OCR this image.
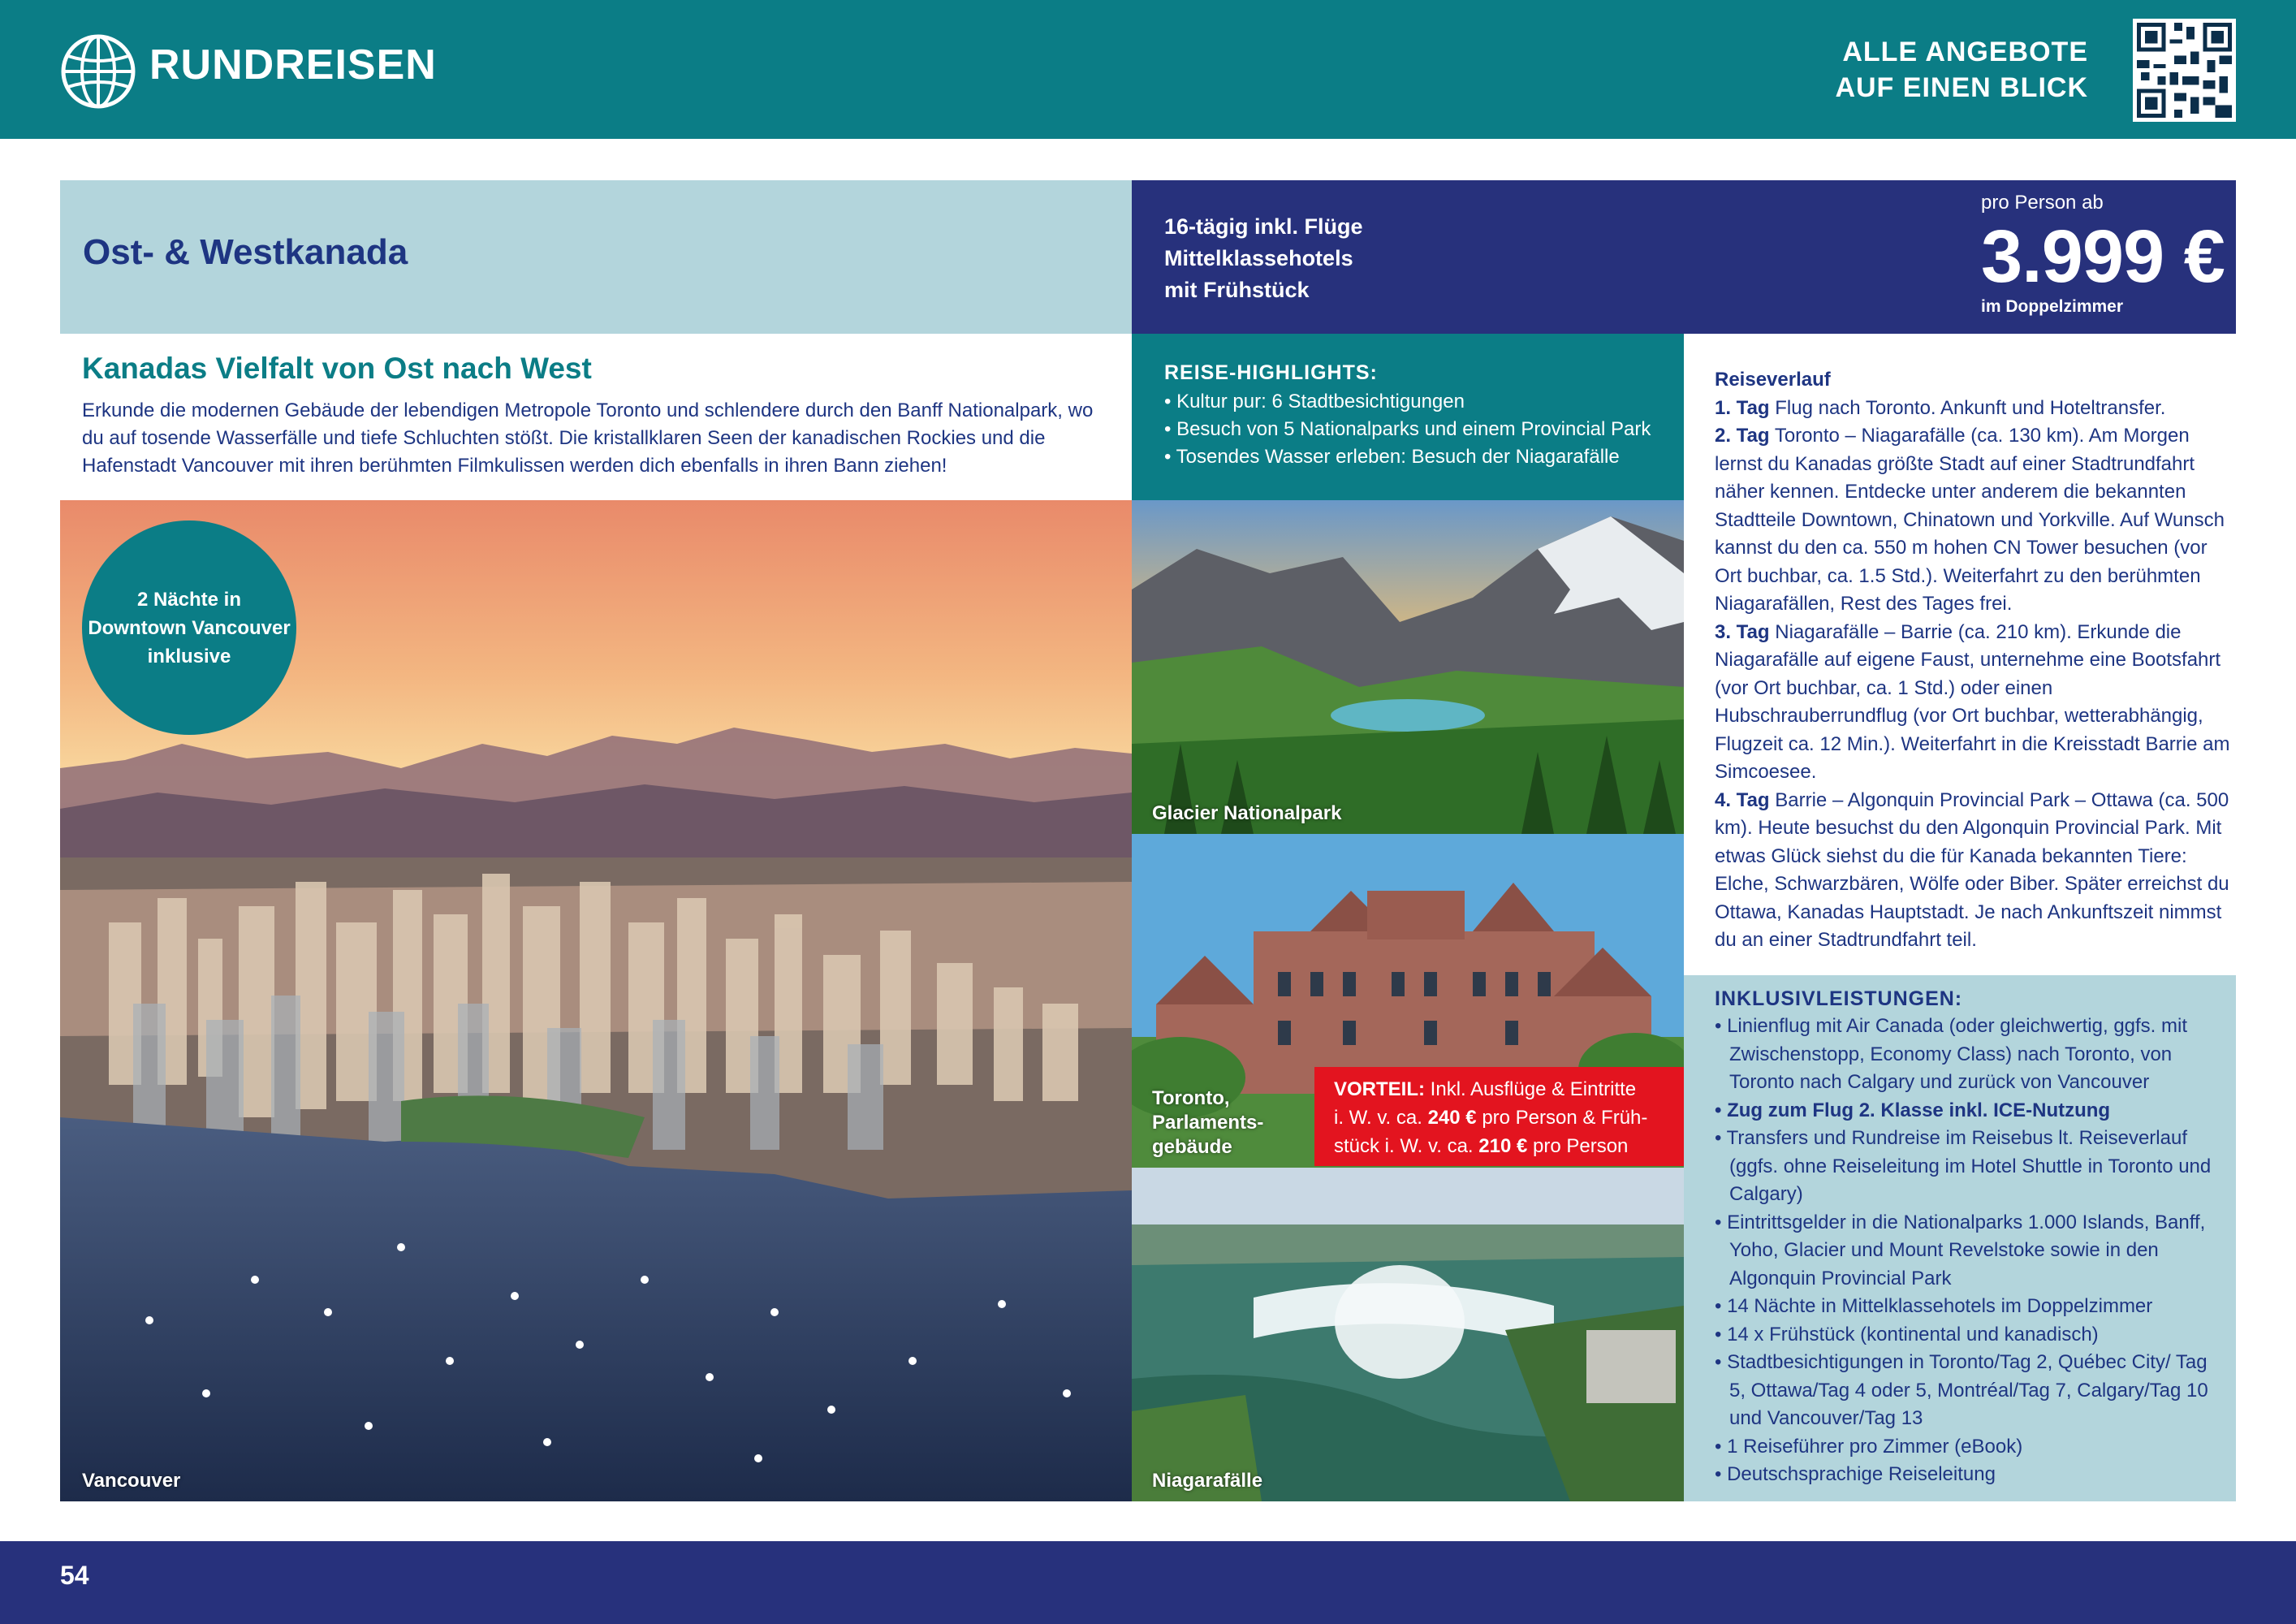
RUNDREISEN	ALLE ANGEBOTE
AUF EINEN BLICK
Ost- & Westkanada
16-tägig inkl. Flüge
Mittelklassehotels
mit Frühstück
pro Person ab
3.999 €
im Doppelzimmer
Kanadas Vielfalt von Ost nach West

Erkunde die modernen Gebäude der lebendigen Metropole Toronto und schlendere durch den Banff Nationalpark, wo du auf tosende Wasserfälle und tiefe Schluchten stößt. Die kristallklaren Seen der kanadischen Rockies und die Hafenstadt Vancouver mit ihren berühmten Filmkulissen werden dich ebenfalls in ihren Bann ziehen!

REISE-HIGHLIGHTS:
• Kultur pur: 6 Stadtbesichtigungen
• Besuch von 5 Nationalparks und einem Provincial Park
• Tosendes Wasser erleben: Besuch der Niagarafälle
Vancouver
2 Nächte in
Downtown Vancouver
inklusive
Glacier Nationalpark
Toronto,
Parlaments-
gebäude
VORTEIL: Inkl. Ausflüge & Eintritte
i. W. v. ca. 240 € pro Person & Früh-
stück i. W. v. ca. 210 € pro Person
Niagarafälle
Reiseverlauf

1. Tag Flug nach Toronto. Ankunft und Hoteltransfer.

2. Tag Toronto – Niagarafälle (ca. 130 km). Am Morgen lernst du Kanadas größte Stadt auf einer Stadtrundfahrt näher kennen. Entdecke unter anderem die bekannten Stadtteile Downtown, Chinatown und Yorkville. Auf Wunsch kannst du den ca. 550 m hohen CN Tower besuchen (vor Ort buchbar, ca. 1.5 Std.). Weiterfahrt zu den berühmten Niagarafällen, Rest des Tages frei.

3. Tag Niagarafälle – Barrie (ca. 210 km). Erkunde die Niagarafälle auf eigene Faust, unternehme eine Bootsfahrt (vor Ort buchbar, ca. 1 Std.) oder einen Hubschrauberrundflug (vor Ort buchbar, wetterabhängig, Flugzeit ca. 12 Min.). Weiterfahrt in die Kreisstadt Barrie am Simcoesee.

4. Tag Barrie – Algonquin Provincial Park – Ottawa (ca. 500 km). Heute besuchst du den Algonquin Provincial Park. Mit etwas Glück siehst du die für Kanada bekannten Tiere: Elche, Schwarzbären, Wölfe oder Biber. Später erreichst du Ottawa, Kanadas Hauptstadt. Je nach Ankunftszeit nimmst du an einer Stadtrundfahrt teil.

INKLUSIVLEISTUNGEN:
• Linienflug mit Air Canada (oder gleichwertig, ggfs. mit Zwischenstopp, Economy Class) nach Toronto, von Toronto nach Calgary und zurück von Vancouver
• Zug zum Flug 2. Klasse inkl. ICE-Nutzung
• Transfers und Rundreise im Reisebus lt. Reiseverlauf (ggfs. ohne Reiseleitung im Hotel Shuttle in Toronto und Calgary)
• Eintrittsgelder in die Nationalparks 1.000 Islands, Banff, Yoho, Glacier und Mount Revelstoke sowie in den Algonquin Provincial Park
• 14 Nächte in Mittelklassehotels im Doppelzimmer
• 14 x Frühstück (kontinental und kanadisch)
• Stadtbesichtigungen in Toronto/Tag 2, Québec City/ Tag 5, Ottawa/Tag 4 oder 5, Montréal/Tag 7, Calgary/Tag 10 und Vancouver/Tag 13
• 1 Reiseführer pro Zimmer (eBook)
• Deutschsprachige Reiseleitung
54
